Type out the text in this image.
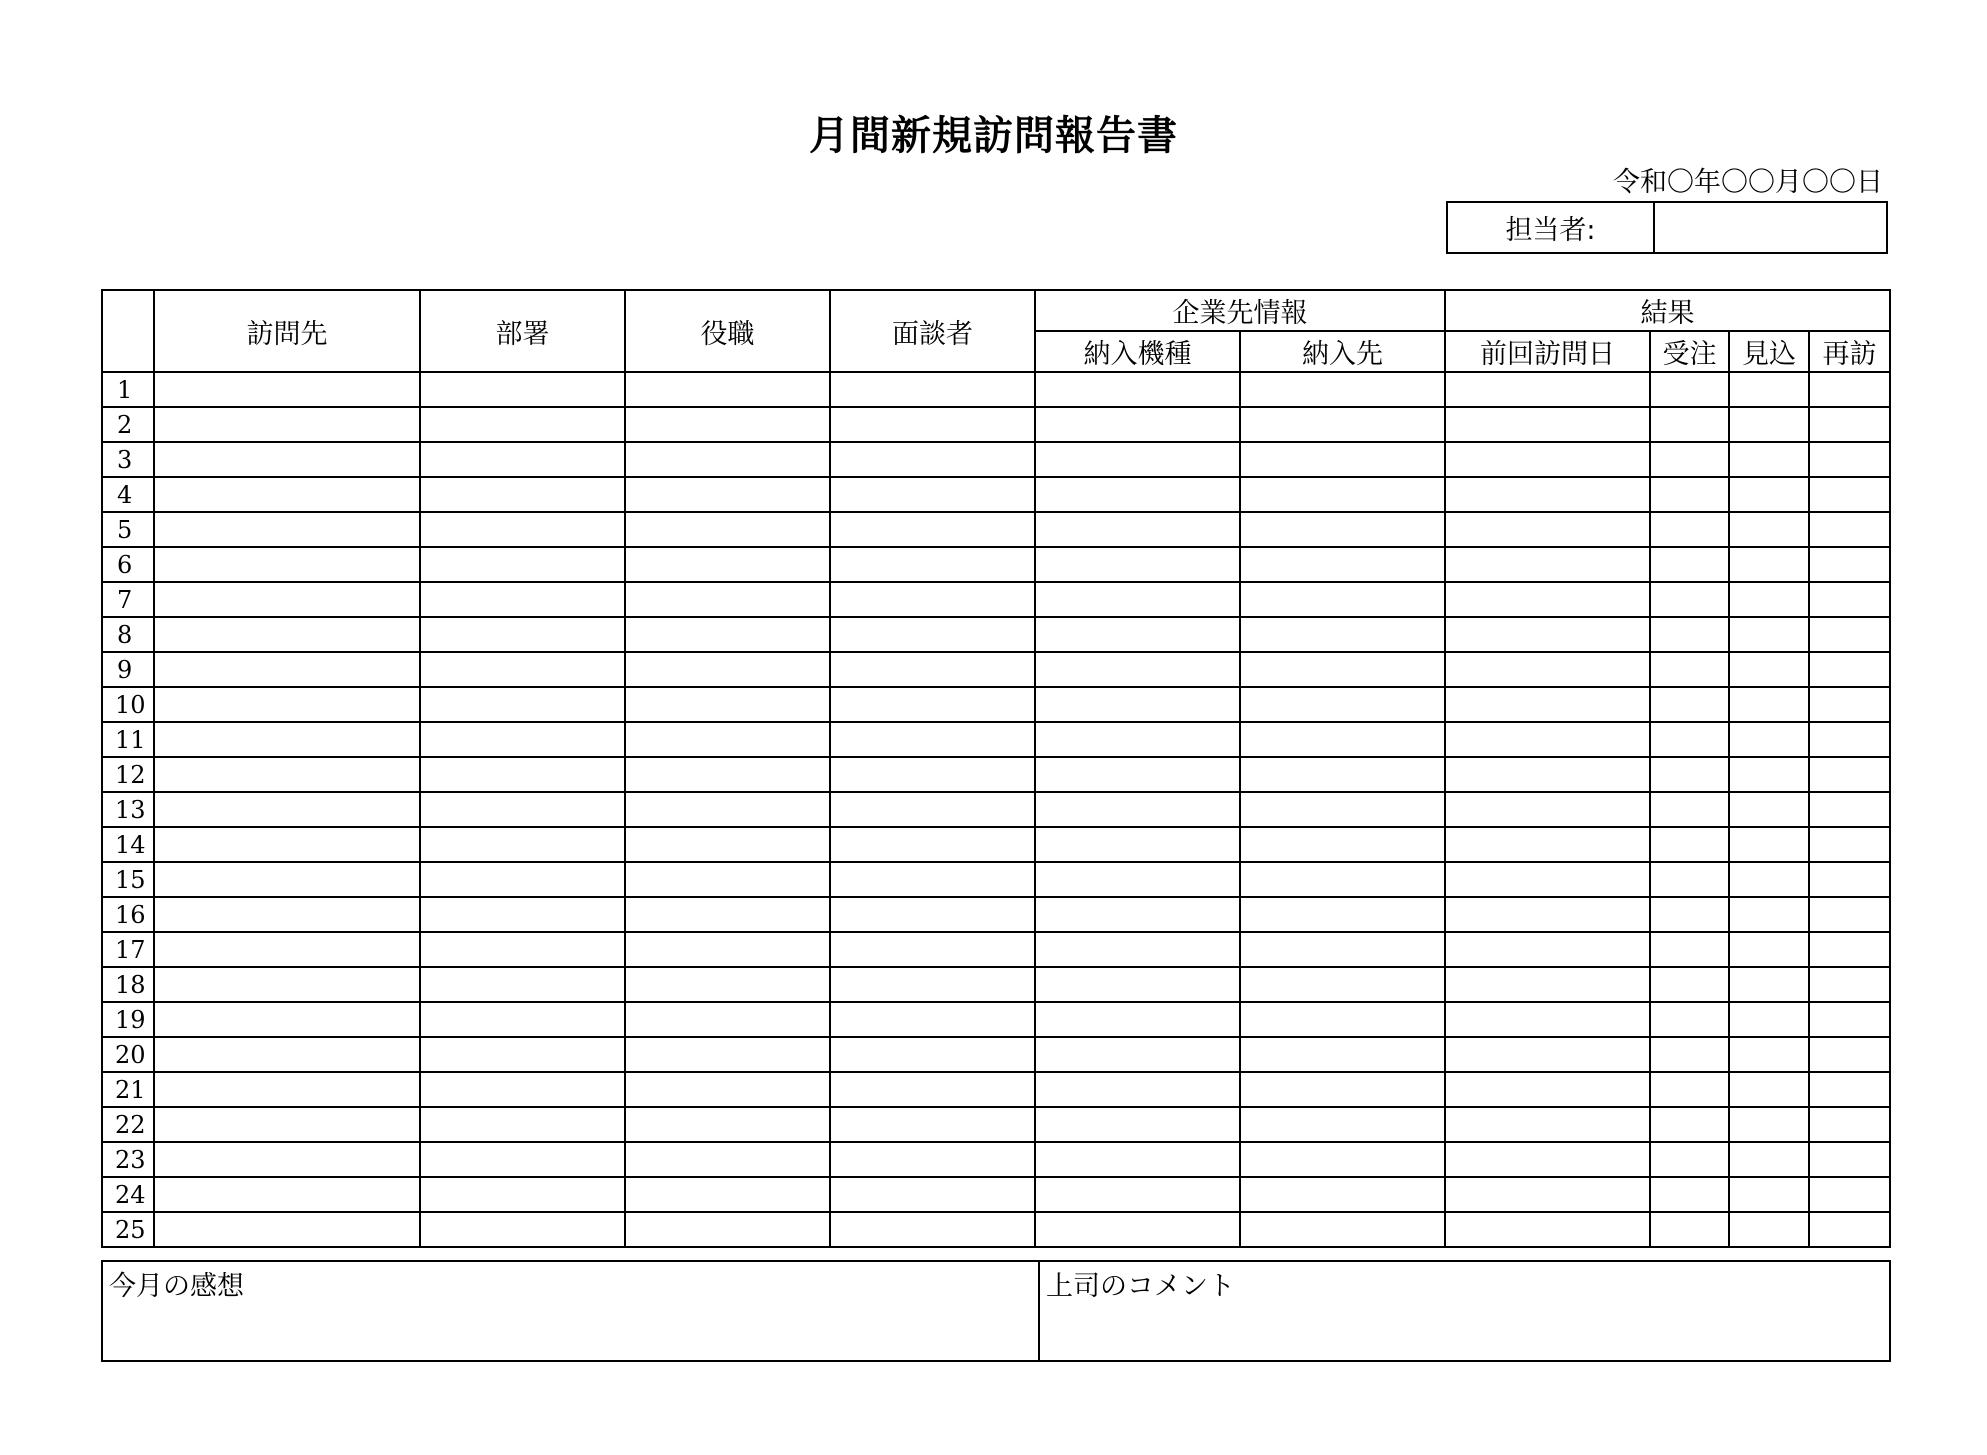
月間新規訪問報告書
令和〇年〇〇月〇〇日
担当者:
	訪問先	部署	役職	面談者	企業先情報		結果			
					納入機種	納入先	前回訪問日	受注	見込	再訪
1										
2										
3										
4										
5										
6										
7										
8										
9										
10										
11										
12										
13										
14										
15										
16										
17										
18										
19										
20										
21										
22										
23										
24										
25										
今月の感想	上司のコメント
